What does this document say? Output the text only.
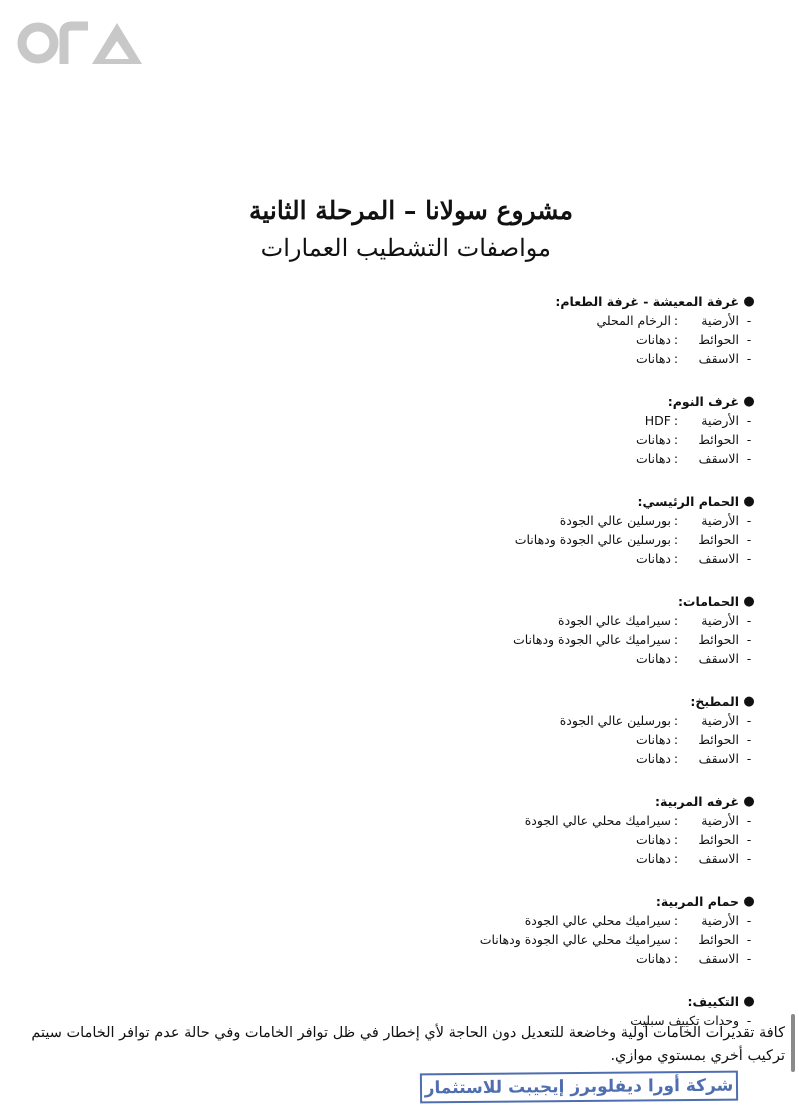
مشروع سولانا – المرحلة الثانية
مواصفات التشطيب العمارات
●
غرفة المعيشة - غرفة الطعام:
-
الأرضية
:
الرخام المحلي
-
الحوائط
:
دهانات
-
الاسقف
:
دهانات
●
غرف النوم:
-
الأرضية
:
HDF
-
الحوائط
:
دهانات
-
الاسقف
:
دهانات
●
الحمام الرئيسي:
-
الأرضية
:
بورسلين عالي الجودة
-
الحوائط
:
بورسلين عالي الجودة ودهانات
-
الاسقف
:
دهانات
●
الحمامات:
-
الأرضية
:
سيراميك عالي الجودة
-
الحوائط
:
سيراميك عالي الجودة ودهانات
-
الاسقف
:
دهانات
●
المطبخ:
-
الأرضية
:
بورسلين عالي الجودة
-
الحوائط
:
دهانات
-
الاسقف
:
دهانات
●
غرفه المربية:
-
الأرضية
:
سيراميك محلي عالي الجودة
-
الحوائط
:
دهانات
-
الاسقف
:
دهانات
●
حمام المربية:
-
الأرضية
:
سيراميك محلي عالي الجودة
-
الحوائط
:
سيراميك محلي عالي الجودة ودهانات
-
الاسقف
:
دهانات
●
التكييف:
-
وحدات تكييف سبليت
كافة تقديرات الخامات أولية وخاضعة للتعديل دون الحاجة لأي إخطار في ظل توافر الخامات وفي حالة عدم توافر الخامات سيتم تركيب أخري بمستوي موازي.
شركة أورا ديفلوبرز إيجيبت للاستثمار
